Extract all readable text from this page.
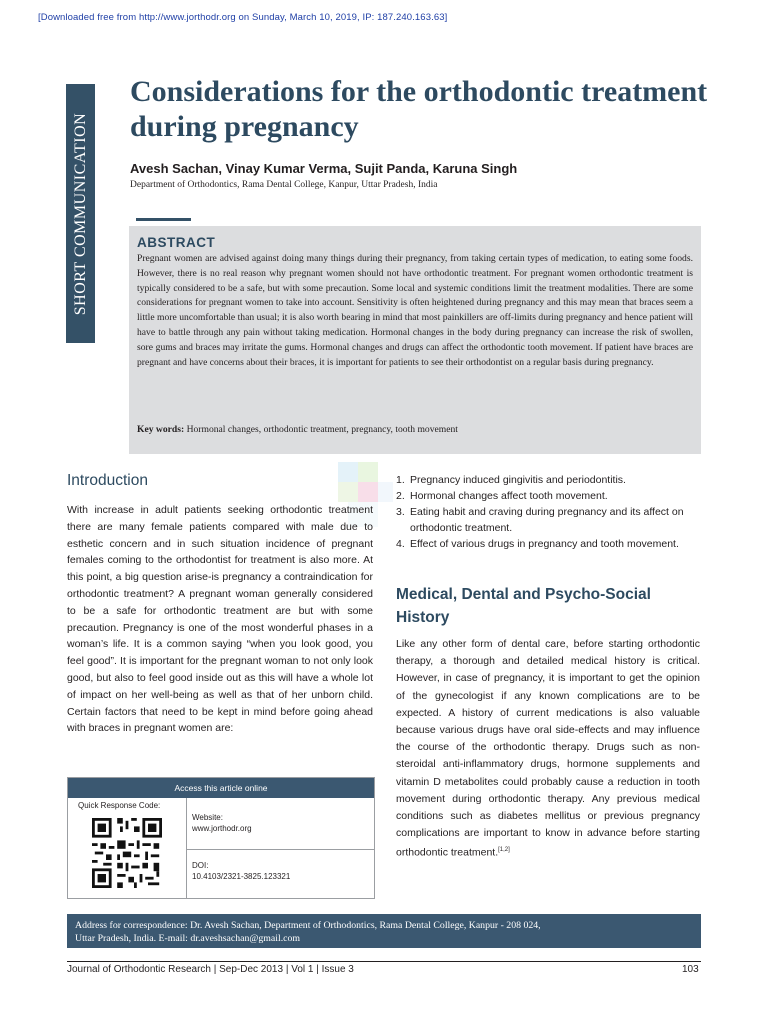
[Downloaded free from http://www.jorthodr.org on Sunday, March 10, 2019, IP: 187.240.163.63]
SHORT COMMUNICATION
Considerations for the orthodontic treatment during pregnancy
Avesh Sachan, Vinay Kumar Verma, Sujit Panda, Karuna Singh
Department of Orthodontics, Rama Dental College, Kanpur, Uttar Pradesh, India
ABSTRACT

Pregnant women are advised against doing many things during their pregnancy, from taking certain types of medication, to eating some foods. However, there is no real reason why pregnant women should not have orthodontic treatment. For pregnant women orthodontic treatment is typically considered to be a safe, but with some precaution. Some local and systemic conditions limit the treatment modalities. There are some considerations for pregnant women to take into account. Sensitivity is often heightened during pregnancy and this may mean that braces seem a little more uncomfortable than usual; it is also worth bearing in mind that most painkillers are off-limits during pregnancy and hence patient will have to battle through any pain without taking medication. Hormonal changes in the body during pregnancy can increase the risk of swollen, sore gums and braces may irritate the gums. Hormonal changes and drugs can affect the orthodontic tooth movement. If patient have braces are pregnant and have concerns about their braces, it is important for patients to see their orthodontist on a regular basis during pregnancy.

Key words: Hormonal changes, orthodontic treatment, pregnancy, tooth movement
Introduction

With increase in adult patients seeking orthodontic treatment there are many female patients compared with male due to esthetic concern and in such situation incidence of pregnant females coming to the orthodontist for treatment is also more. At this point, a big question arise-is pregnancy a contraindication for orthodontic treatment? A pregnant woman generally considered to be a safe for orthodontic treatment are but with some precaution. Pregnancy is one of the most wonderful phases in a woman’s life. It is a common saying “when you look good, you feel good”. It is important for the pregnant woman to not only look good, but also to feel good inside out as this will have a whole lot of impact on her well-being as well as that of her unborn child. Certain factors that need to be kept in mind before going ahead with braces in pregnant women are:

1. Pregnancy induced gingivitis and periodontitis.
2. Hormonal changes affect tooth movement.
3. Eating habit and craving during pregnancy and its affect on orthodontic treatment.
4. Effect of various drugs in pregnancy and tooth movement.
Medical, Dental and Psycho-Social History

Like any other form of dental care, before starting orthodontic therapy, a thorough and detailed medical history is critical. However, in case of pregnancy, it is important to get the opinion of the gynecologist if any known complications are to be expected. A history of current medications is also valuable because various drugs have oral side-effects and may influence the course of the orthodontic therapy. Drugs such as non-steroidal anti-inflammatory drugs, hormone supplements and vitamin D metabolites could probably cause a reduction in tooth movement during orthodontic therapy. Any previous medical conditions such as diabetes mellitus or previous pregnancy complications are important to know in advance before starting orthodontic treatment.[1,2]

Access this article online
Quick Response Code:
Website:
www.jorthodr.org
DOI:
10.4103/2321-3825.123321
Address for correspondence: Dr. Avesh Sachan, Department of Orthodontics, Rama Dental College, Kanpur - 208 024,
Uttar Pradesh, India. E-mail: dr.aveshsachan@gmail.com
Journal of Orthodontic Research | Sep-Dec 2013 | Vol 1 | Issue 3	103
